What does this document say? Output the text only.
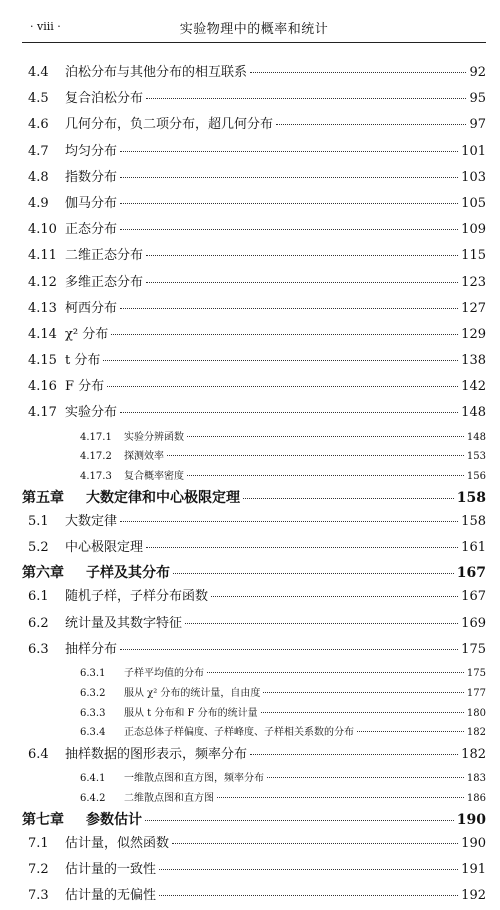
· viii ·	实验物理中的概率和统计
4.4	泊松分布与其他分布的相互联系	92
4.5	复合泊松分布	95
4.6	几何分布，负二项分布，超几何分布	97
4.7	均匀分布	101
4.8	指数分布	103
4.9	伽马分布	105
4.10 正态分布	109
4.11 二维正态分布	115
4.12 多维正态分布	123
4.13 柯西分布	127
4.14 χ² 分布	129
4.15 t 分布	138
4.16 F 分布	142
4.17 实验分布	148
4.17.1	实验分辨函数	148
4.17.2	探测效率	153
4.17.3	复合概率密度	156
第五章	大数定律和中心极限定理	158
5.1	大数定律	158
5.2	中心极限定理	161
第六章	子样及其分布	167
6.1	随机子样，子样分布函数	167
6.2	统计量及其数字特征	169
6.3	抽样分布	175
6.3.1	子样平均值的分布	175
6.3.2	服从 χ² 分布的统计量，自由度	177
6.3.3	服从 t 分布和 F 分布的统计量	180
6.3.4	正态总体子样偏度、子样峰度、子样相关系数的分布	182
6.4	抽样数据的图形表示，频率分布	182
6.4.1	一维散点图和直方图，频率分布	183
6.4.2	二维散点图和直方图	186
第七章	参数估计	190
7.1	估计量，似然函数	190
7.2	估计量的一致性	191
7.3	估计量的无偏性	192
